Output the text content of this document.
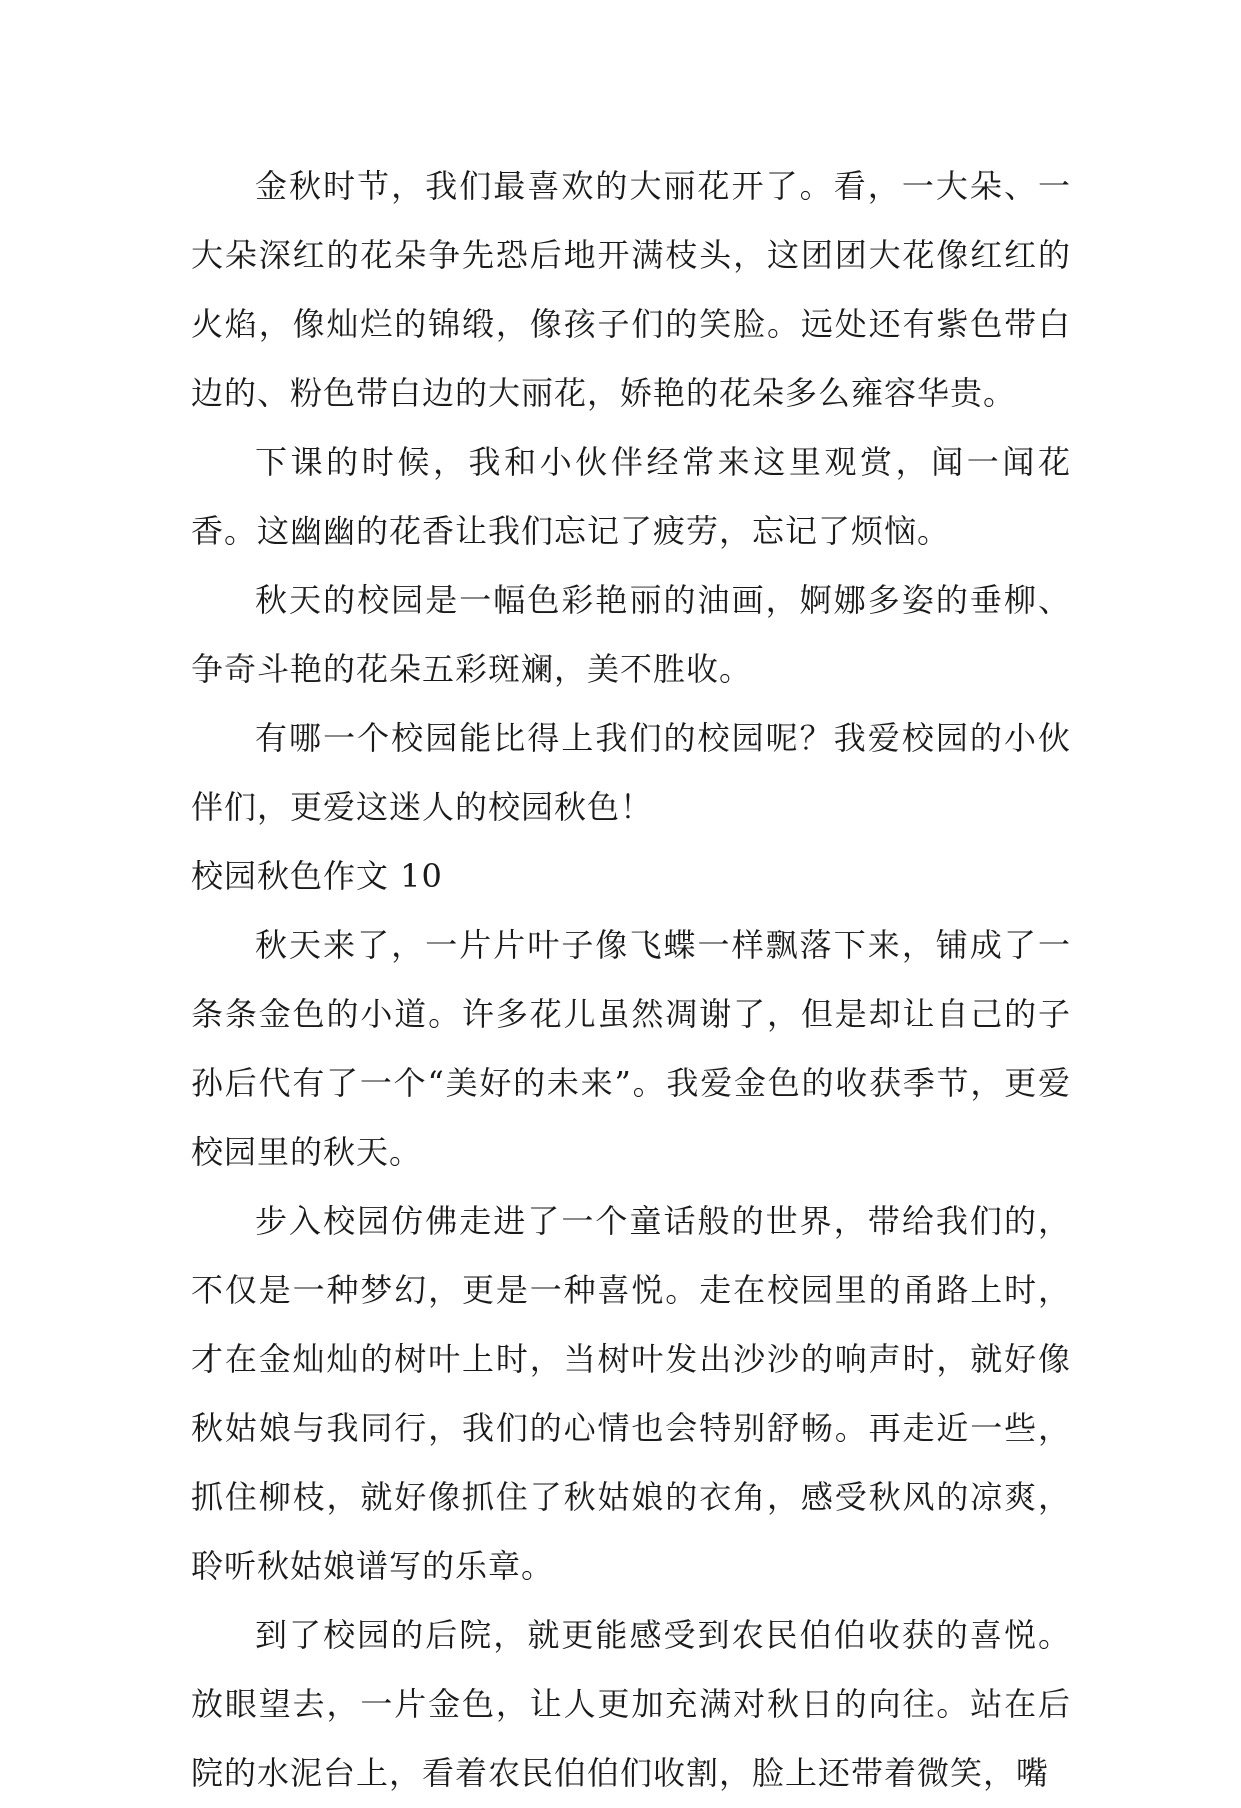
金秋时节，我们最喜欢的大丽花开了。看，一大朵、一大朵深红的花朵争先恐后地开满枝头，这团团大花像红红的火焰，像灿烂的锦缎，像孩子们的笑脸。远处还有紫色带白边的、粉色带白边的大丽花，娇艳的花朵多么雍容华贵。

下课的时候，我和小伙伴经常来这里观赏，闻一闻花香。这幽幽的花香让我们忘记了疲劳，忘记了烦恼。

秋天的校园是一幅色彩艳丽的油画，婀娜多姿的垂柳、争奇斗艳的花朵五彩斑斓，美不胜收。

有哪一个校园能比得上我们的校园呢？我爱校园的小伙伴们，更爱这迷人的校园秋色！

校园秋色作文 10

秋天来了，一片片叶子像飞蝶一样飘落下来，铺成了一条条金色的小道。许多花儿虽然凋谢了，但是却让自己的子孙后代有了一个“美好的未来”。我爱金色的收获季节，更爱校园里的秋天。

步入校园仿佛走进了一个童话般的世界，带给我们的，不仅是一种梦幻，更是一种喜悦。走在校园里的甬路上时，才在金灿灿的树叶上时，当树叶发出沙沙的响声时，就好像秋姑娘与我同行，我们的心情也会特别舒畅。再走近一些，抓住柳枝，就好像抓住了秋姑娘的衣角，感受秋风的凉爽，聆听秋姑娘谱写的乐章。

到了校园的后院，就更能感受到农民伯伯收获的喜悦。放眼望去，一片金色，让人更加充满对秋日的向往。站在后院的水泥台上，看着农民伯伯们收割，脸上还带着微笑，嘴
